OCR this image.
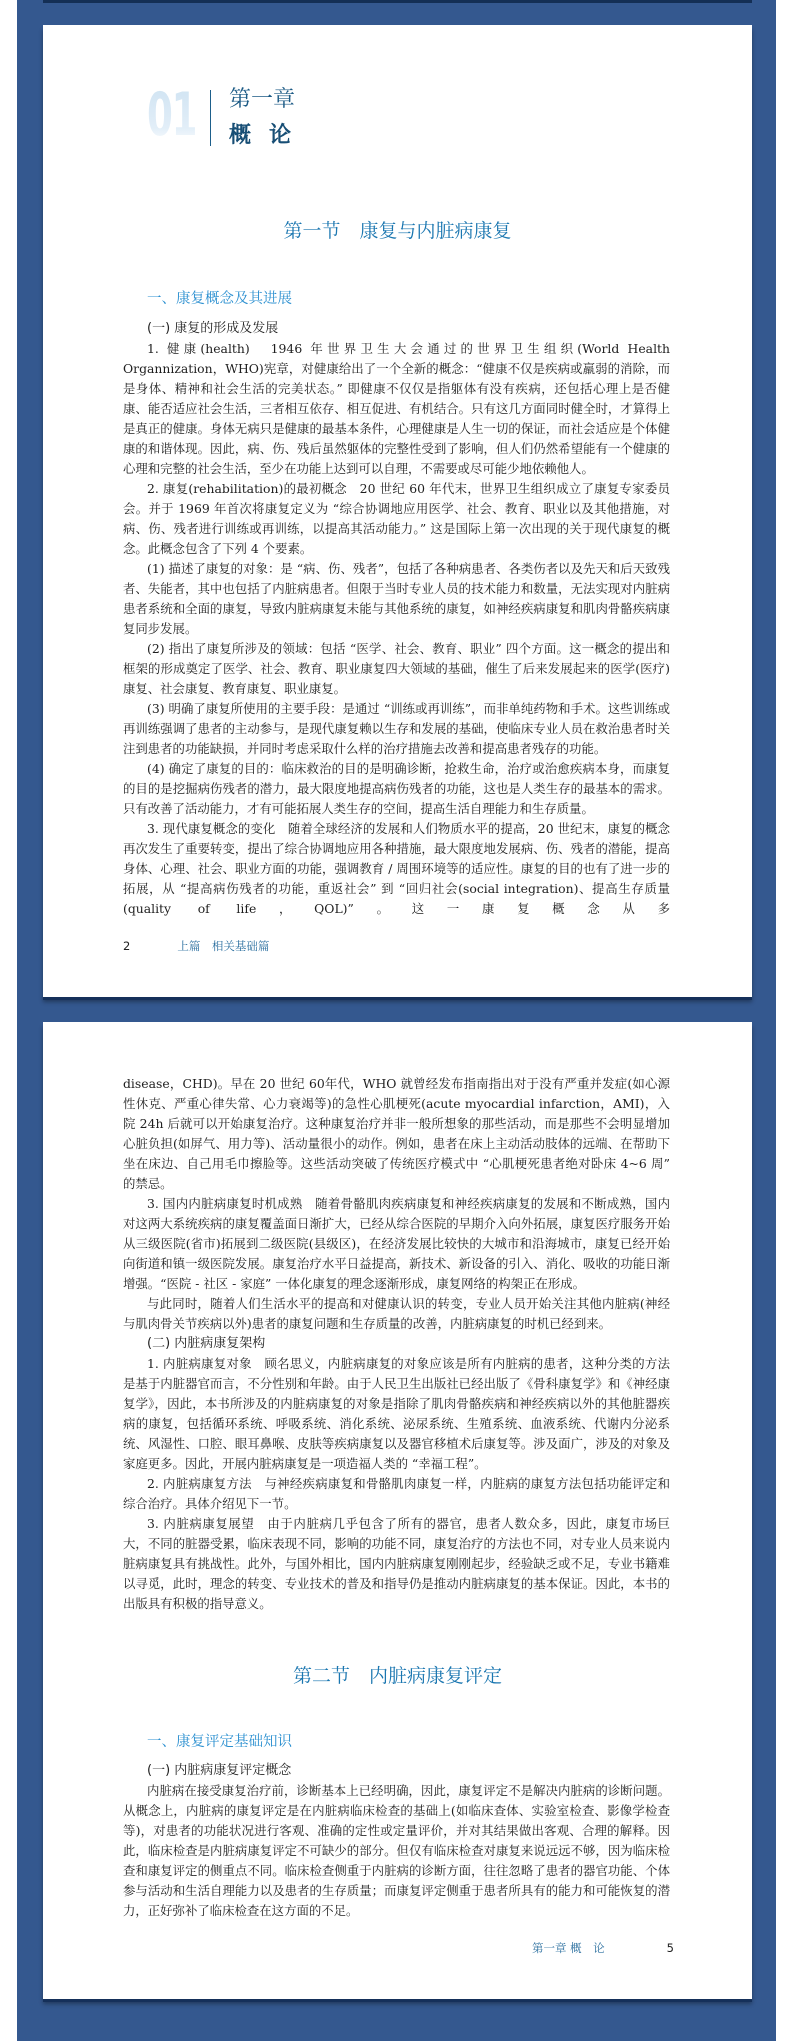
01 第一章
概论
第一节　康复与内脏病康复
一、康复概念及其进展
(一) 康复的形成及发展

1. 健康(health)　1946 年世界卫生大会通过的世界卫生组织(World Health Organnization，WHO)宪章，对健康给出了一个全新的概念：“健康不仅是疾病或羸弱的消除，而是身体、精神和社会生活的完美状态。” 即健康不仅仅是指躯体有没有疾病，还包括心理上是否健康、能否适应社会生活，三者相互依存、相互促进、有机结合。只有这几方面同时健全时，才算得上是真正的健康。身体无病只是健康的最基本条件，心理健康是人生一切的保证，而社会适应是个体健康的和谐体现。因此，病、伤、残后虽然躯体的完整性受到了影响，但人们仍然希望能有一个健康的心理和完整的社会生活，至少在功能上达到可以自理，不需要或尽可能少地依赖他人。

2. 康复(rehabilitation)的最初概念　20 世纪 60 年代末，世界卫生组织成立了康复专家委员会。并于 1969 年首次将康复定义为 “综合协调地应用医学、社会、教育、职业以及其他措施，对病、伤、残者进行训练或再训练，以提高其活动能力。” 这是国际上第一次出现的关于现代康复的概念。此概念包含了下列 4 个要素。

(1) 描述了康复的对象：是 “病、伤、残者”，包括了各种病患者、各类伤者以及先天和后天致残者、失能者，其中也包括了内脏病患者。但限于当时专业人员的技术能力和数量，无法实现对内脏病患者系统和全面的康复，导致内脏病康复未能与其他系统的康复，如神经疾病康复和肌肉骨骼疾病康复同步发展。

(2) 指出了康复所涉及的领域：包括 “医学、社会、教育、职业” 四个方面。这一概念的提出和框架的形成奠定了医学、社会、教育、职业康复四大领域的基础，催生了后来发展起来的医学(医疗)康复、社会康复、教育康复、职业康复。

(3) 明确了康复所使用的主要手段：是通过 “训练或再训练”，而非单纯药物和手术。这些训练或再训练强调了患者的主动参与，是现代康复赖以生存和发展的基础，使临床专业人员在救治患者时关注到患者的功能缺损，并同时考虑采取什么样的治疗措施去改善和提高患者残存的功能。

(4) 确定了康复的目的：临床救治的目的是明确诊断，抢救生命，治疗或治愈疾病本身，而康复的目的是挖掘病伤残者的潜力，最大限度地提高病伤残者的功能，这也是人类生存的最基本的需求。只有改善了活动能力，才有可能拓展人类生存的空间，提高生活自理能力和生存质量。

3. 现代康复概念的变化　随着全球经济的发展和人们物质水平的提高，20 世纪末，康复的概念再次发生了重要转变，提出了综合协调地应用各种措施，最大限度地发展病、伤、残者的潜能，提高身体、心理、社会、职业方面的功能，强调教育 / 周围环境等的适应性。康复的目的也有了进一步的拓展，从 “提高病伤残者的功能，重返社会” 到 “回归社会(social integration)、提高生存质量(quality of life，QOL)”。这一康复概念从多

2	上篇　相关基础篇

disease，CHD)。早在 20 世纪 60年代，WHO 就曾经发布指南指出对于没有严重并发症(如心源性休克、严重心律失常、心力衰竭等)的急性心肌梗死(acute myocardial infarction，AMI)，入院 24h 后就可以开始康复治疗。这种康复治疗并非一般所想象的那些活动，而是那些不会明显增加心脏负担(如屏气、用力等)、活动量很小的动作。例如，患者在床上主动活动肢体的远端、在帮助下坐在床边、自己用毛巾擦脸等。这些活动突破了传统医疗模式中 “心肌梗死患者绝对卧床 4~6 周” 的禁忌。

3. 国内内脏病康复时机成熟　随着骨骼肌肉疾病康复和神经疾病康复的发展和不断成熟，国内对这两大系统疾病的康复覆盖面日渐扩大，已经从综合医院的早期介入向外拓展，康复医疗服务开始从三级医院(省市)拓展到二级医院(县级区)，在经济发展比较快的大城市和沿海城市，康复已经开始向街道和镇一级医院发展。康复治疗水平日益提高，新技术、新设备的引入、消化、吸收的功能日渐增强。“医院 - 社区 - 家庭” 一体化康复的理念逐渐形成，康复网络的构架正在形成。

与此同时，随着人们生活水平的提高和对健康认识的转变，专业人员开始关注其他内脏病(神经与肌肉骨关节疾病以外)患者的康复问题和生存质量的改善，内脏病康复的时机已经到来。

(二) 内脏病康复架构

1. 内脏病康复对象　顾名思义，内脏病康复的对象应该是所有内脏病的患者，这种分类的方法是基于内脏器官而言，不分性别和年龄。由于人民卫生出版社已经出版了《骨科康复学》和《神经康复学》，因此，本书所涉及的内脏病康复的对象是指除了肌肉骨骼疾病和神经疾病以外的其他脏器疾病的康复，包括循环系统、呼吸系统、消化系统、泌尿系统、生殖系统、血液系统、代谢内分泌系统、风湿性、口腔、眼耳鼻喉、皮肤等疾病康复以及器官移植术后康复等。涉及面广，涉及的对象及家庭更多。因此，开展内脏病康复是一项造福人类的 “幸福工程”。

2. 内脏病康复方法　与神经疾病康复和骨骼肌肉康复一样，内脏病的康复方法包括功能评定和综合治疗。具体介绍见下一节。

3. 内脏病康复展望　由于内脏病几乎包含了所有的器官，患者人数众多，因此，康复市场巨大，不同的脏器受累，临床表现不同，影响的功能不同，康复治疗的方法也不同，对专业人员来说内脏病康复具有挑战性。此外，与国外相比，国内内脏病康复刚刚起步，经验缺乏或不足，专业书籍难以寻觅，此时，理念的转变、专业技术的普及和指导仍是推动内脏病康复的基本保证。因此，本书的出版具有积极的指导意义。

第二节　内脏病康复评定
一、康复评定基础知识
(一) 内脏病康复评定概念

内脏病在接受康复治疗前，诊断基本上已经明确，因此，康复评定不是解决内脏病的诊断问题。从概念上，内脏病的康复评定是在内脏病临床检查的基础上(如临床查体、实验室检查、影像学检查等)，对患者的功能状况进行客观、准确的定性或定量评价，并对其结果做出客观、合理的解释。因此，临床检查是内脏病康复评定不可缺少的部分。但仅有临床检查对康复来说远远不够，因为临床检查和康复评定的侧重点不同。临床检查侧重于内脏病的诊断方面，往往忽略了患者的器官功能、个体参与活动和生活自理能力以及患者的生存质量；而康复评定侧重于患者所具有的能力和可能恢复的潜力，正好弥补了临床检查在这方面的不足。

第一章 概　论	5
